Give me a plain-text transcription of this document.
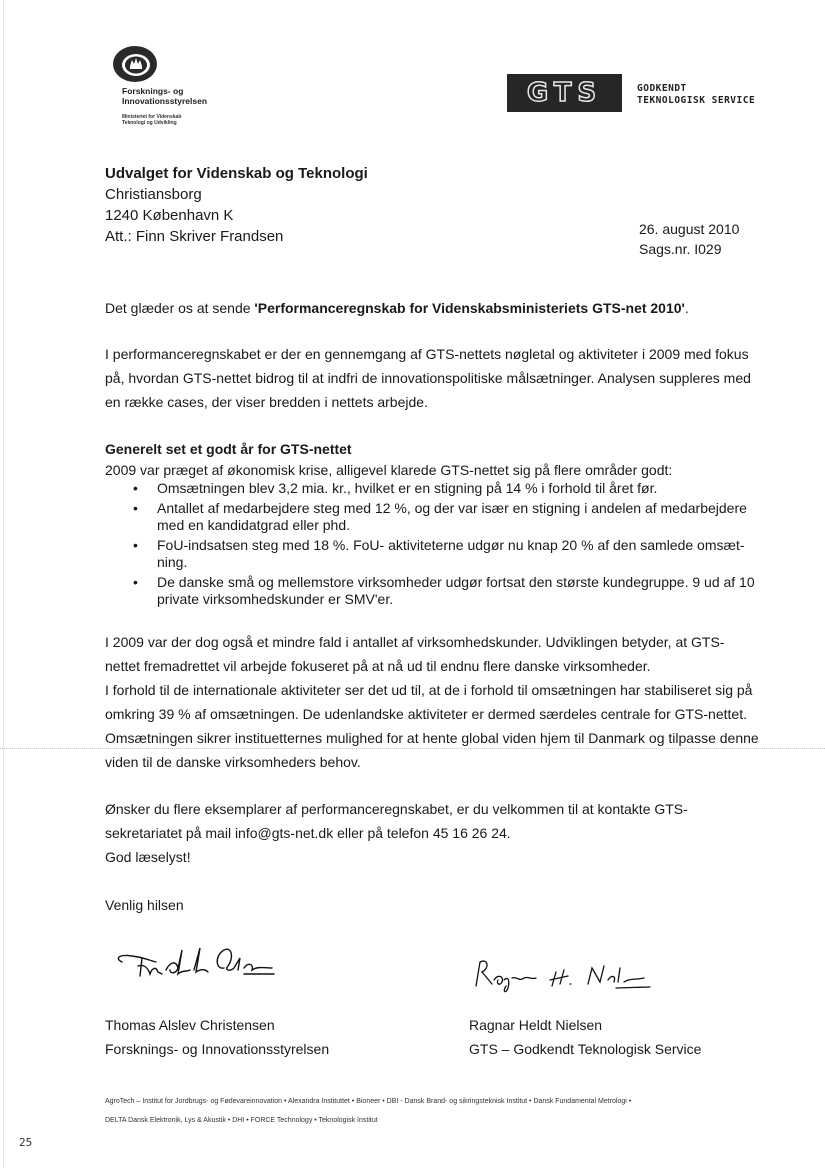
Forsknings- og
Innovationsstyrelsen
Ministeriet for Videnskab
Teknologi og Udvikling
GTS	GODKENDT
TEKNOLOGISK SERVICE
Udvalget for Videnskab og Teknologi
Christiansborg
1240 København K
Att.: Finn Skriver Frandsen	26. august 2010
Sags.nr. I029
Det glæder os at sende 'Performanceregnskab for Videnskabsministeriets GTS-net 2010'.
I performanceregnskabet er der en gennemgang af GTS-nettets nøgletal og aktiviteter i 2009 med fokus på, hvordan GTS-nettet bidrog til at indfri de innovationspolitiske målsætninger. Analysen suppleres med en række cases, der viser bredden i nettets arbejde.
Generelt set et godt år for GTS-nettet
2009 var præget af økonomisk krise, alligevel klarede GTS-nettet sig på flere områder godt:
• Omsætningen blev 3,2 mia. kr., hvilket er en stigning på 14 % i forhold til året før.
• Antallet af medarbejdere steg med 12 %, og der var især en stigning i andelen af medarbejdere med en kandidatgrad eller phd.
• FoU-indsatsen steg med 18 %. FoU- aktiviteterne udgør nu knap 20 % af den samlede omsæt-ning.
• De danske små og mellemstore virksomheder udgør fortsat den største kundegruppe. 9 ud af 10 private virksomhedskunder er SMV'er.
I 2009 var der dog også et mindre fald i antallet af virksomhedskunder. Udviklingen betyder, at GTS-
nettet fremadrettet vil arbejde fokuseret på at nå ud til endnu flere danske virksomheder.
I forhold til de internationale aktiviteter ser det ud til, at de i forhold til omsætningen har stabiliseret sig på
omkring 39 % af omsætningen. De udenlandske aktiviteter er dermed særdeles centrale for GTS-nettet.
Omsætningen sikrer instituetternes mulighed for at hente global viden hjem til Danmark og tilpasse denne
viden til de danske virksomheders behov.
Ønsker du flere eksemplarer af performanceregnskabet, er du velkommen til at kontakte GTS-
sekretariatet på mail info@gts-net.dk eller på telefon 45 16 26 24.
God læselyst!
Venlig hilsen
Thomas Alslev Christensen
Forsknings- og Innovationsstyrelsen
Ragnar Heldt Nielsen
GTS – Godkendt Teknologisk Service
AgroTech – Institut for Jordbrugs- og Fødevareinnovation • Alexandra Instituttet • Bioneer • DBI - Dansk Brand- og sikringsteknisk Institut • Dansk Fundamental Metrologi •
DELTA Dansk Elektronik, Lys & Akustik • DHI • FORCE Technology • Teknologisk Institut
25
